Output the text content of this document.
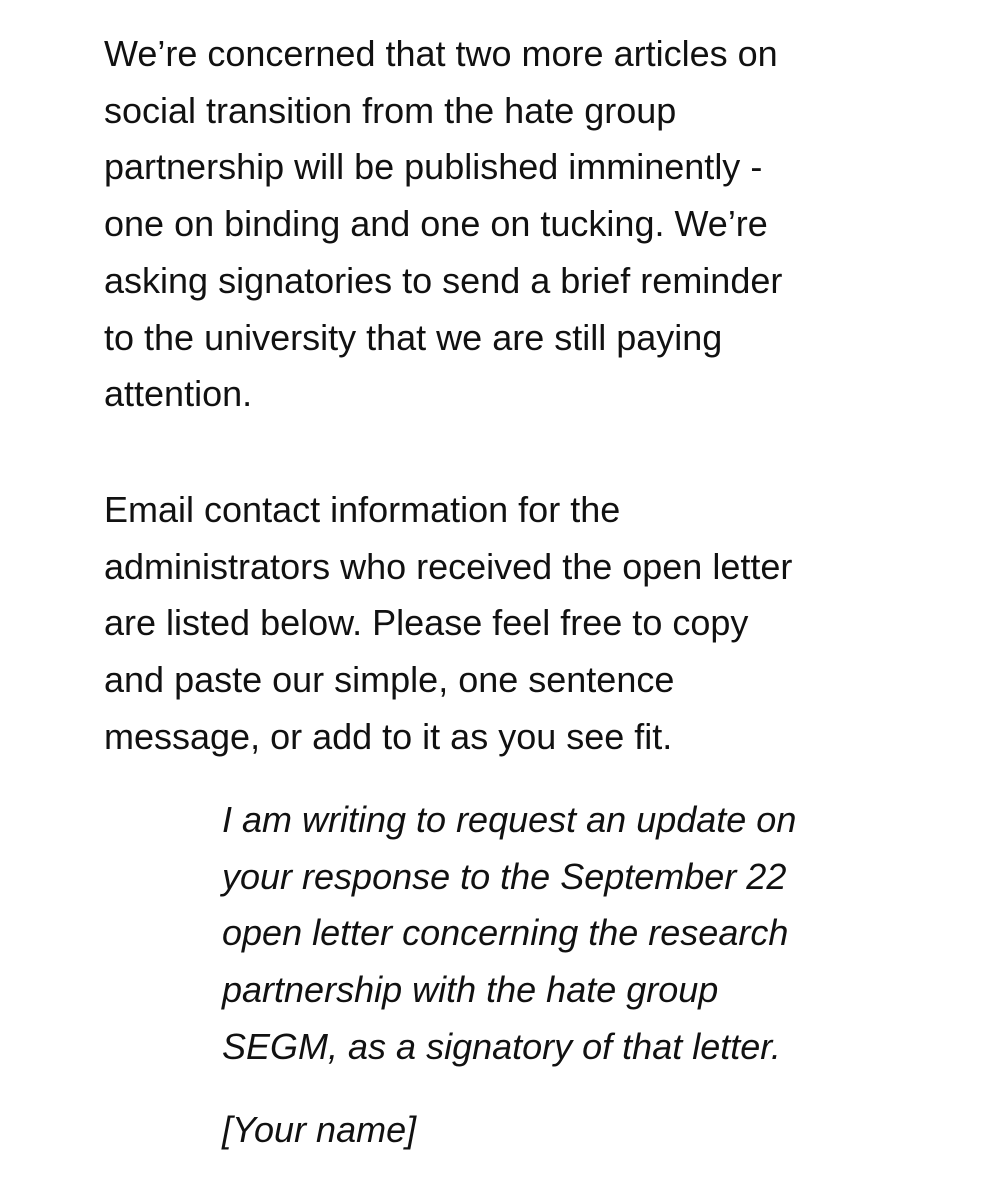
We’re concerned that two more articles on
social transition from the hate group
partnership will be published imminently -
one on binding and one on tucking. We’re
asking signatories to send a brief reminder
to the university that we are still paying
attention.

Email contact information for the
administrators who received the open letter
are listed below. Please feel free to copy
and paste our simple, one sentence
message, or add to it as you see fit.

I am writing to request an update on
your response to the September 22
open letter concerning the research
partnership with the hate group
SEGM, as a signatory of that letter.

[Your name]
